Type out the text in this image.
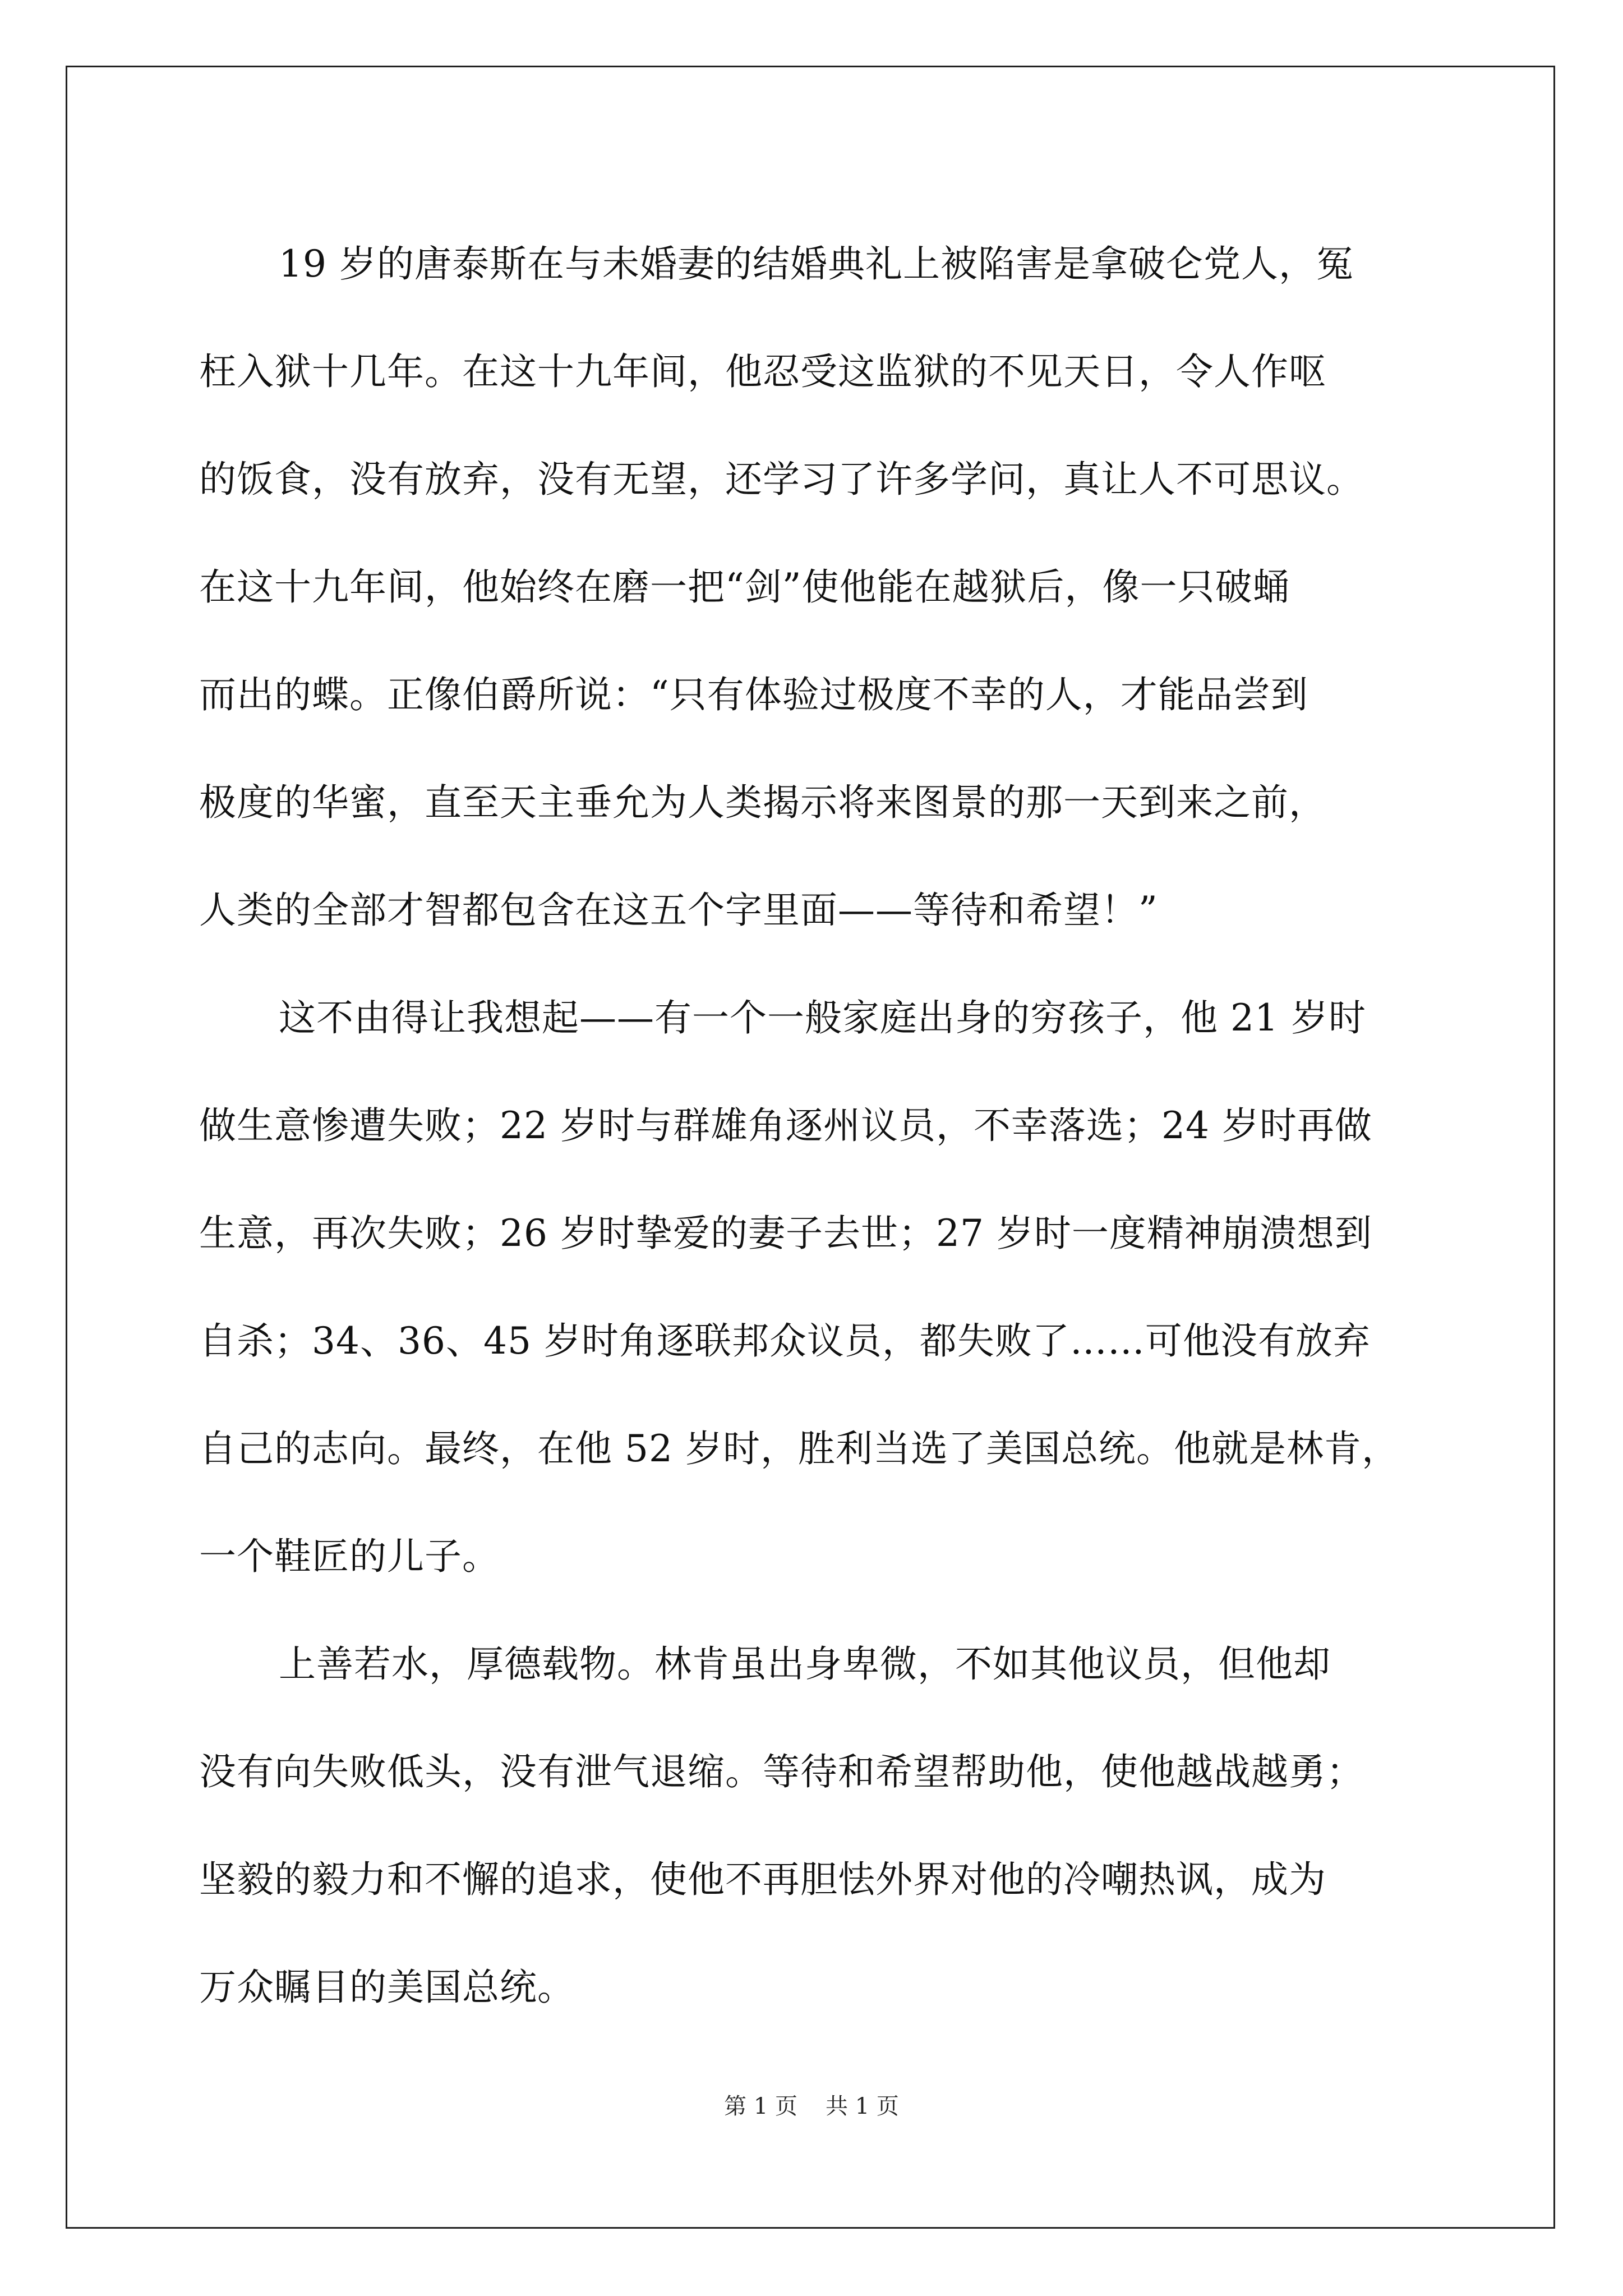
19 岁的唐泰斯在与未婚妻的结婚典礼上被陷害是拿破仑党人，冤
枉入狱十几年。在这十九年间，他忍受这监狱的不见天日，令人作呕
的饭食，没有放弃，没有无望，还学习了许多学问，真让人不可思议。
在这十九年间，他始终在磨一把“剑”使他能在越狱后，像一只破蛹
而出的蝶。正像伯爵所说：“只有体验过极度不幸的人，才能品尝到
极度的华蜜，直至天主垂允为人类揭示将来图景的那一天到来之前，
人类的全部才智都包含在这五个字里面——等待和希望！”
这不由得让我想起——有一个一般家庭出身的穷孩子，他 21 岁时
做生意惨遭失败；22 岁时与群雄角逐州议员，不幸落选；24 岁时再做
生意，再次失败；26 岁时挚爱的妻子去世；27 岁时一度精神崩溃想到
自杀；34、36、45 岁时角逐联邦众议员，都失败了……可他没有放弃
自己的志向。最终，在他 52 岁时，胜利当选了美国总统。他就是林肯，
一个鞋匠的儿子。
上善若水，厚德载物。林肯虽出身卑微，不如其他议员，但他却
没有向失败低头，没有泄气退缩。等待和希望帮助他，使他越战越勇；
坚毅的毅力和不懈的追求，使他不再胆怯外界对他的冷嘲热讽，成为
万众瞩目的美国总统。
第 1 页 共 1 页
